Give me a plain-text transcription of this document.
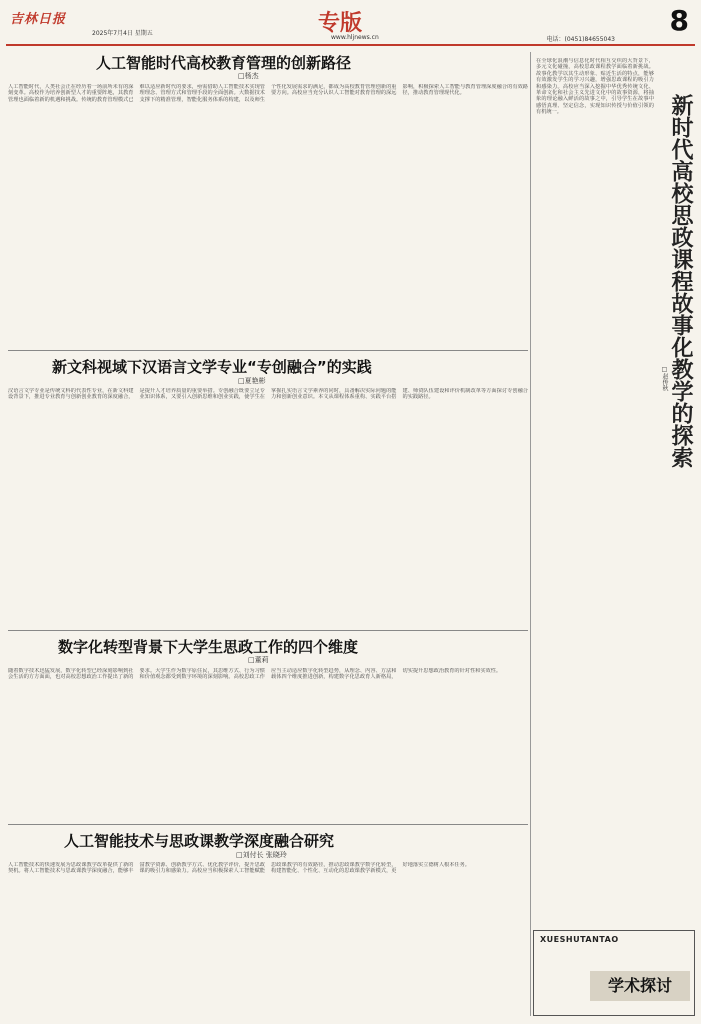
吉林日报
2025年7月4日 星期五	专版
www.hljnews.cn	电话：(0451)84655043
8
人工智能时代高校教育管理的创新路径
□杨杰
人工智能时代，人类社会正在经历着一场前所未有的深刻变革。高校作为培养创新型人才的重要阵地，其教育管理也面临着新的机遇和挑战。传统的教育管理模式已难以适应新时代的要求，亟需借助人工智能技术实现管理理念、管理方式和管理手段的全面创新。大数据技术支撑下的精准管理，智能化服务体系的构建，以及师生个性化发展需求的满足，都成为高校教育管理创新的重要方向。高校应当充分认识人工智能对教育管理的深远影响，积极探索人工智能与教育管理深度融合的有效路径，推动教育管理现代化。
新文科视域下汉语言文学专业“专创融合”的实践
□夏艳彬
汉语言文学专业是传统文科的代表性专业，在新文科建设背景下，推进专业教育与创新创业教育的深度融合，是提升人才培养质量的重要举措。专创融合既要立足专业知识体系，又要引入创新思维和创业实践，使学生在掌握扎实语言文学素养的同时，具备解决实际问题的能力和创新创业意识。本文从课程体系重构、实践平台搭建、师资队伍建设和评价机制改革等方面探讨专创融合的实践路径。
数字化转型背景下大学生思政工作的四个维度
□董莉
随着数字技术迅猛发展，数字化转型已经深刻影响到社会生活的方方面面，也对高校思想政治工作提出了新的要求。大学生作为数字原住民，其思维方式、行为习惯和价值观念都受到数字环境的深刻影响。高校思政工作应当主动适应数字化转型趋势，从理念、内容、方法和载体四个维度推进创新，构建数字化思政育人新格局，切实提升思想政治教育的针对性和实效性。
人工智能技术与思政课教学深度融合研究
□刘付长 张晓玲
人工智能技术的快速发展为思政课教学改革提供了新的契机。将人工智能技术与思政课教学深度融合，能够丰富教学资源、创新教学方式、优化教学评价，提升思政课的吸引力和感染力。高校应当积极探索人工智能赋能思政课教学的有效路径，推动思政课教学数字化转型，构建智能化、个性化、互动化的思政课教学新模式，更好地落实立德树人根本任务。
在全球化浪潮与信息化时代相互交织的大背景下，多元文化碰撞，高校思政课程教学面临着新挑战。故事化教学以其生动形象、贴近生活的特点，能够有效激发学生的学习兴趣，增强思政课程的吸引力和感染力。高校应当深入挖掘中华优秀传统文化、革命文化和社会主义先进文化中的故事资源，将抽象的理论融入鲜活的故事之中，引导学生在故事中感悟真理、坚定信念，实现知识传授与价值引领的有机统一。	新时代高校思政课程故事化教学的探索
□赵传秋
XUESHUTANTAO
学术探讨
